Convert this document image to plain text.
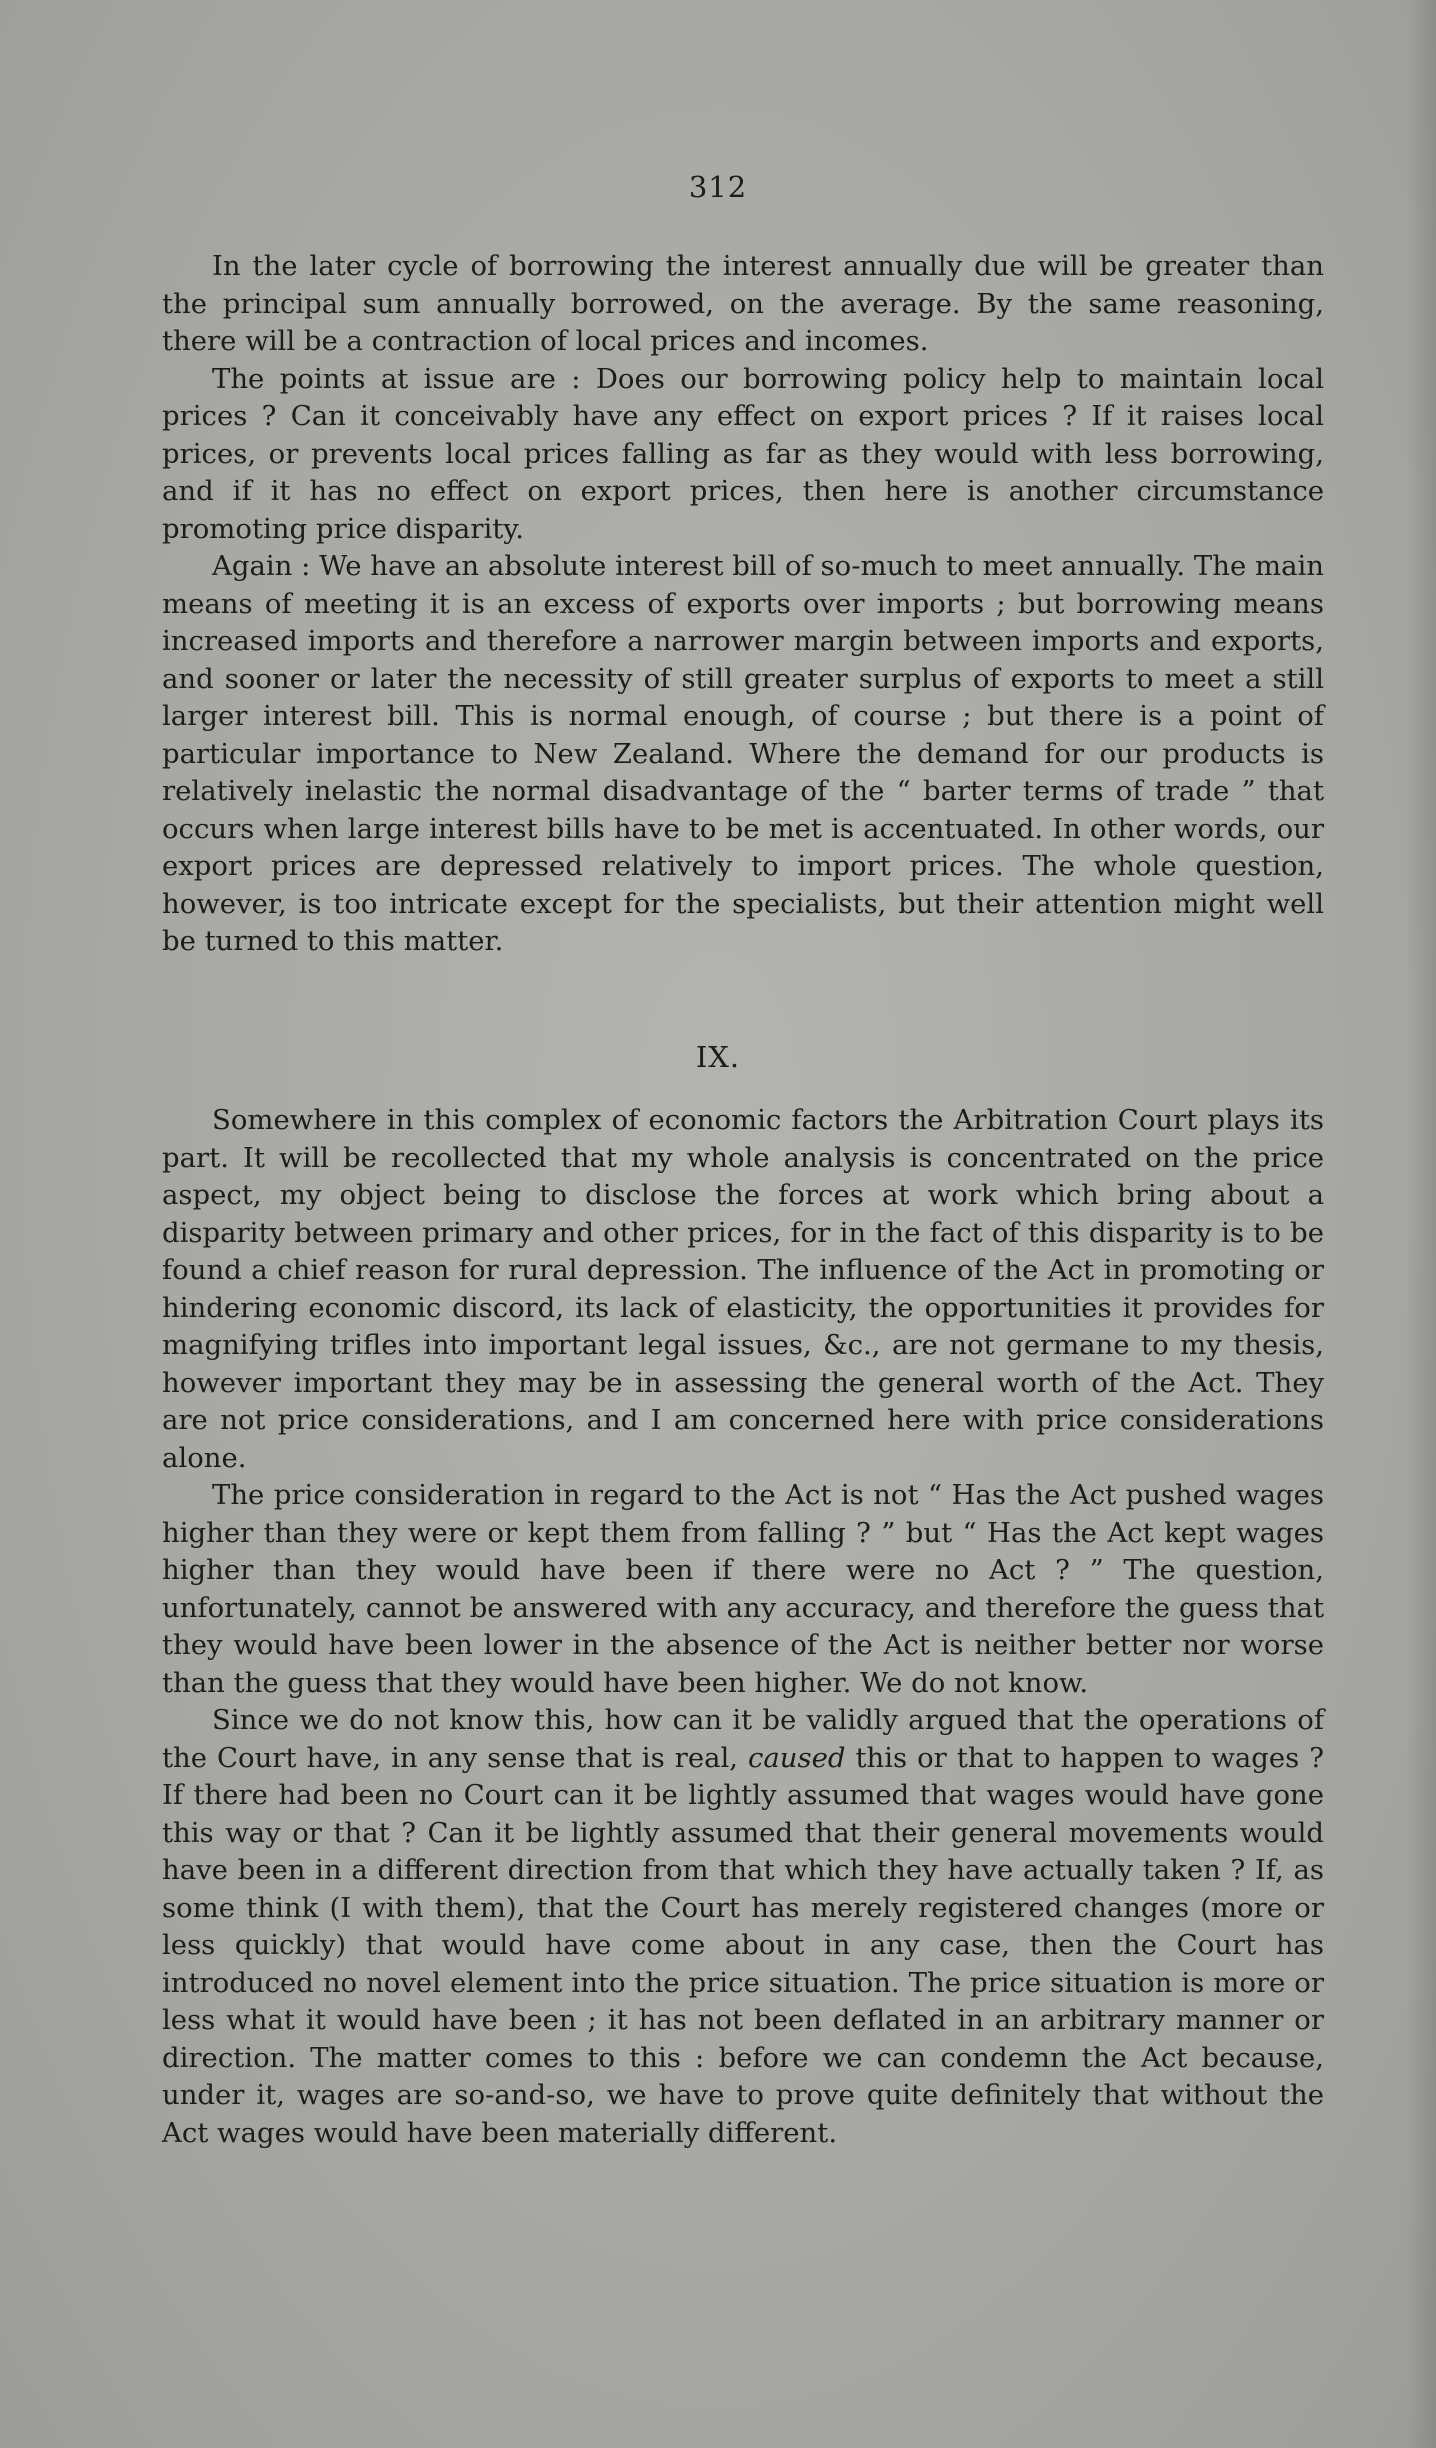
312

In the later cycle of borrowing the interest annually due will be greater than the principal sum annually borrowed, on the average. By the same reasoning, there will be a contraction of local prices and incomes.

The points at issue are : Does our borrowing policy help to maintain local prices ? Can it conceivably have any effect on export prices ? If it raises local prices, or prevents local prices falling as far as they would with less borrowing, and if it has no effect on export prices, then here is another circumstance promoting price disparity.

Again : We have an absolute interest bill of so-much to meet annually. The main means of meeting it is an excess of exports over imports ; but borrowing means increased imports and therefore a narrower margin between imports and exports, and sooner or later the necessity of still greater surplus of exports to meet a still larger interest bill. This is normal enough, of course ; but there is a point of particular importance to New Zealand. Where the demand for our products is relatively inelastic the normal disadvantage of the “ barter terms of trade ” that occurs when large interest bills have to be met is accentuated. In other words, our export prices are depressed relatively to import prices. The whole question, however, is too intricate except for the specialists, but their attention might well be turned to this matter.

IX.

Somewhere in this complex of economic factors the Arbitration Court plays its part. It will be recollected that my whole analysis is concentrated on the price aspect, my object being to disclose the forces at work which bring about a disparity between primary and other prices, for in the fact of this disparity is to be found a chief reason for rural depression. The influence of the Act in promoting or hindering economic discord, its lack of elasticity, the opportunities it provides for magnifying trifles into important legal issues, &c., are not germane to my thesis, however important they may be in assessing the general worth of the Act. They are not price considerations, and I am concerned here with price considerations alone.

The price consideration in regard to the Act is not “ Has the Act pushed wages higher than they were or kept them from falling ? ” but “ Has the Act kept wages higher than they would have been if there were no Act ? ” The question, unfortunately, cannot be answered with any accuracy, and therefore the guess that they would have been lower in the absence of the Act is neither better nor worse than the guess that they would have been higher. We do not know.

Since we do not know this, how can it be validly argued that the operations of the Court have, in any sense that is real, caused this or that to happen to wages ? If there had been no Court can it be lightly assumed that wages would have gone this way or that ? Can it be lightly assumed that their general movements would have been in a different direction from that which they have actually taken ? If, as some think (I with them), that the Court has merely registered changes (more or less quickly) that would have come about in any case, then the Court has introduced no novel element into the price situation. The price situation is more or less what it would have been ; it has not been deflated in an arbitrary manner or direction. The matter comes to this : before we can condemn the Act because, under it, wages are so-and-so, we have to prove quite definitely that without the Act wages would have been materially different.
